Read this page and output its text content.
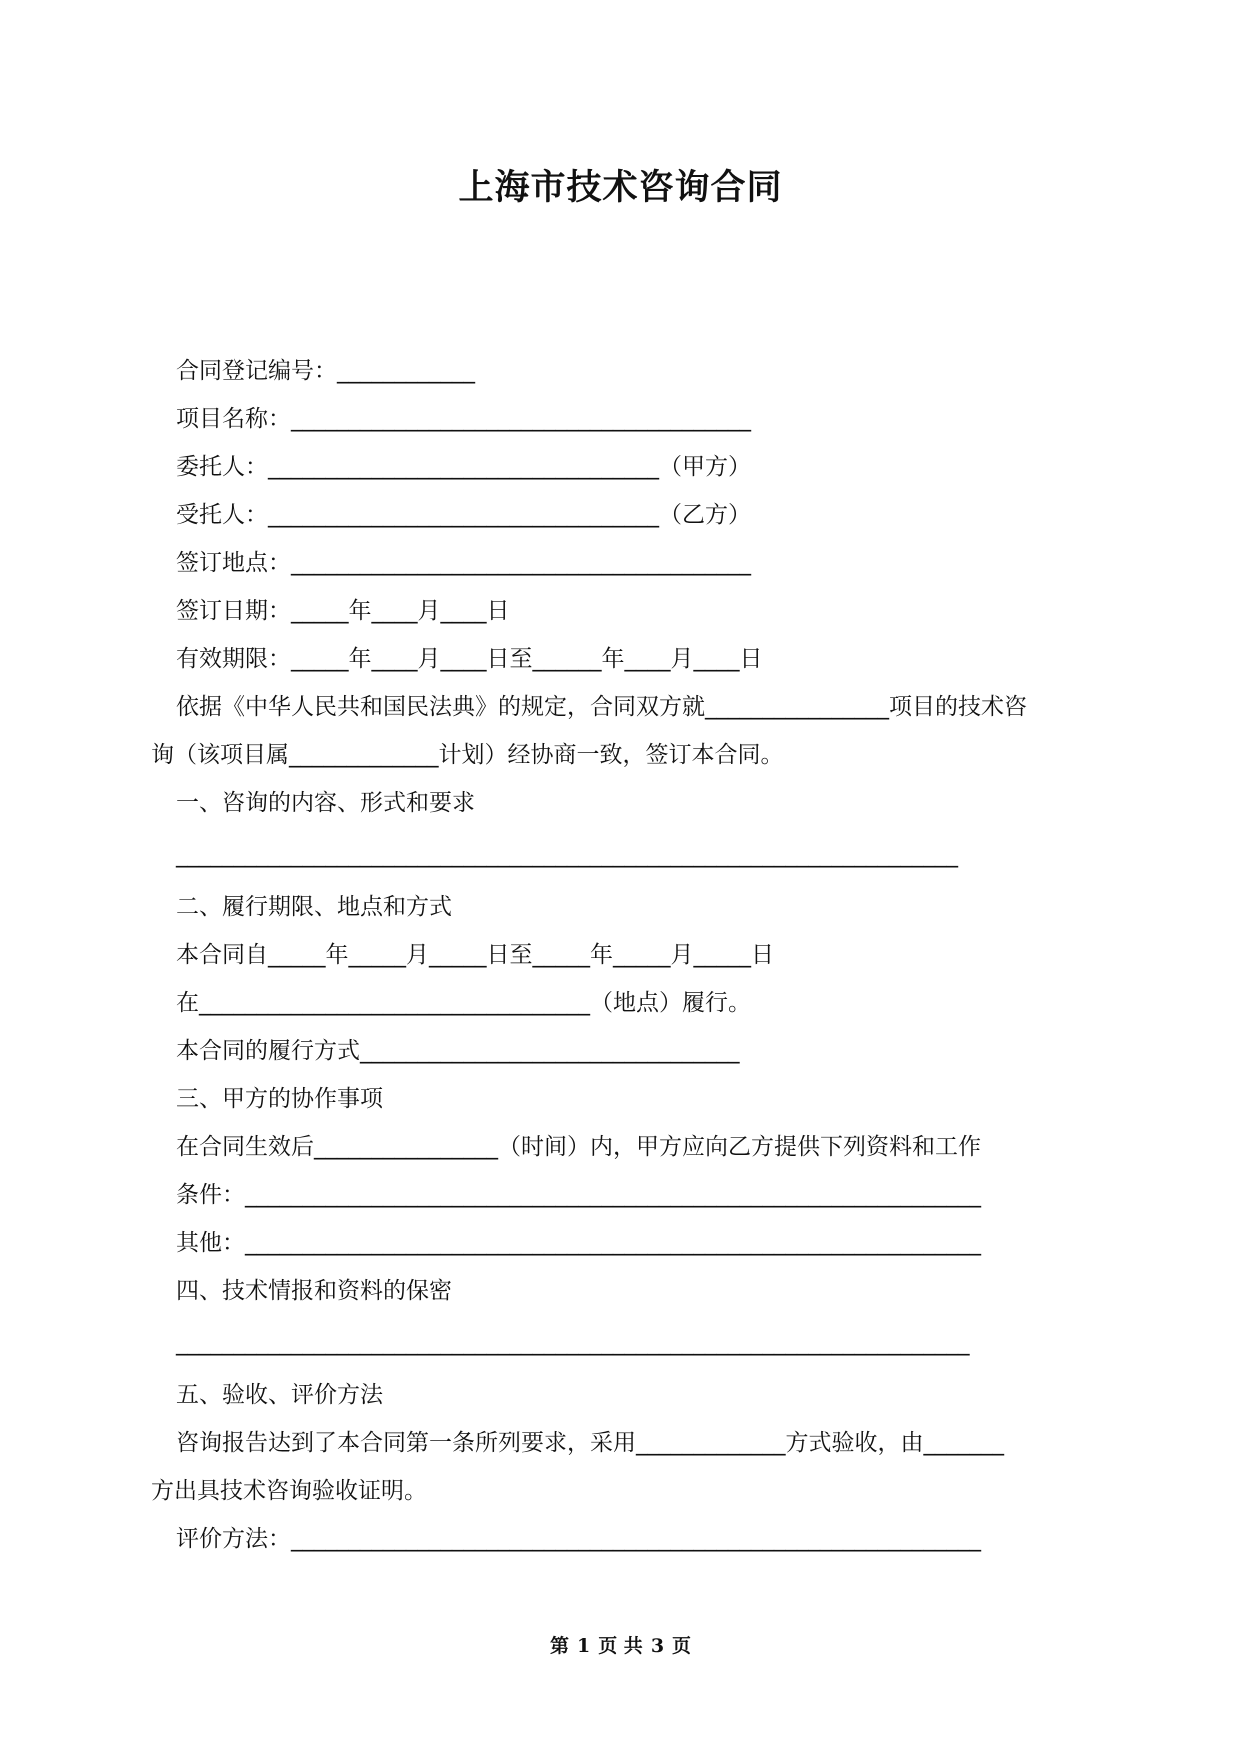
上海市技术咨询合同
合同登记编号：____________
项目名称：________________________________________
委托人：__________________________________（甲方）
受托人：__________________________________（乙方）
签订地点：________________________________________
签订日期：_____年____月____日
有效期限：_____年____月____日至______年____月____日
依据《中华人民共和国民法典》的规定，合同双方就________________项目的技术咨
询（该项目属_____________计划）经协商一致，签订本合同。
一、咨询的内容、形式和要求
____________________________________________________________________
二、履行期限、地点和方式
本合同自_____年_____月_____日至_____年_____月_____日
在__________________________________（地点）履行。
本合同的履行方式_________________________________
三、甲方的协作事项
在合同生效后________________（时间）内，甲方应向乙方提供下列资料和工作
条件：________________________________________________________________
其他：________________________________________________________________
四、技术情报和资料的保密
_____________________________________________________________________
五、验收、评价方法
咨询报告达到了本合同第一条所列要求，采用_____________方式验收，由_______
方出具技术咨询验收证明。
评价方法：____________________________________________________________
第 1 页 共 3 页
